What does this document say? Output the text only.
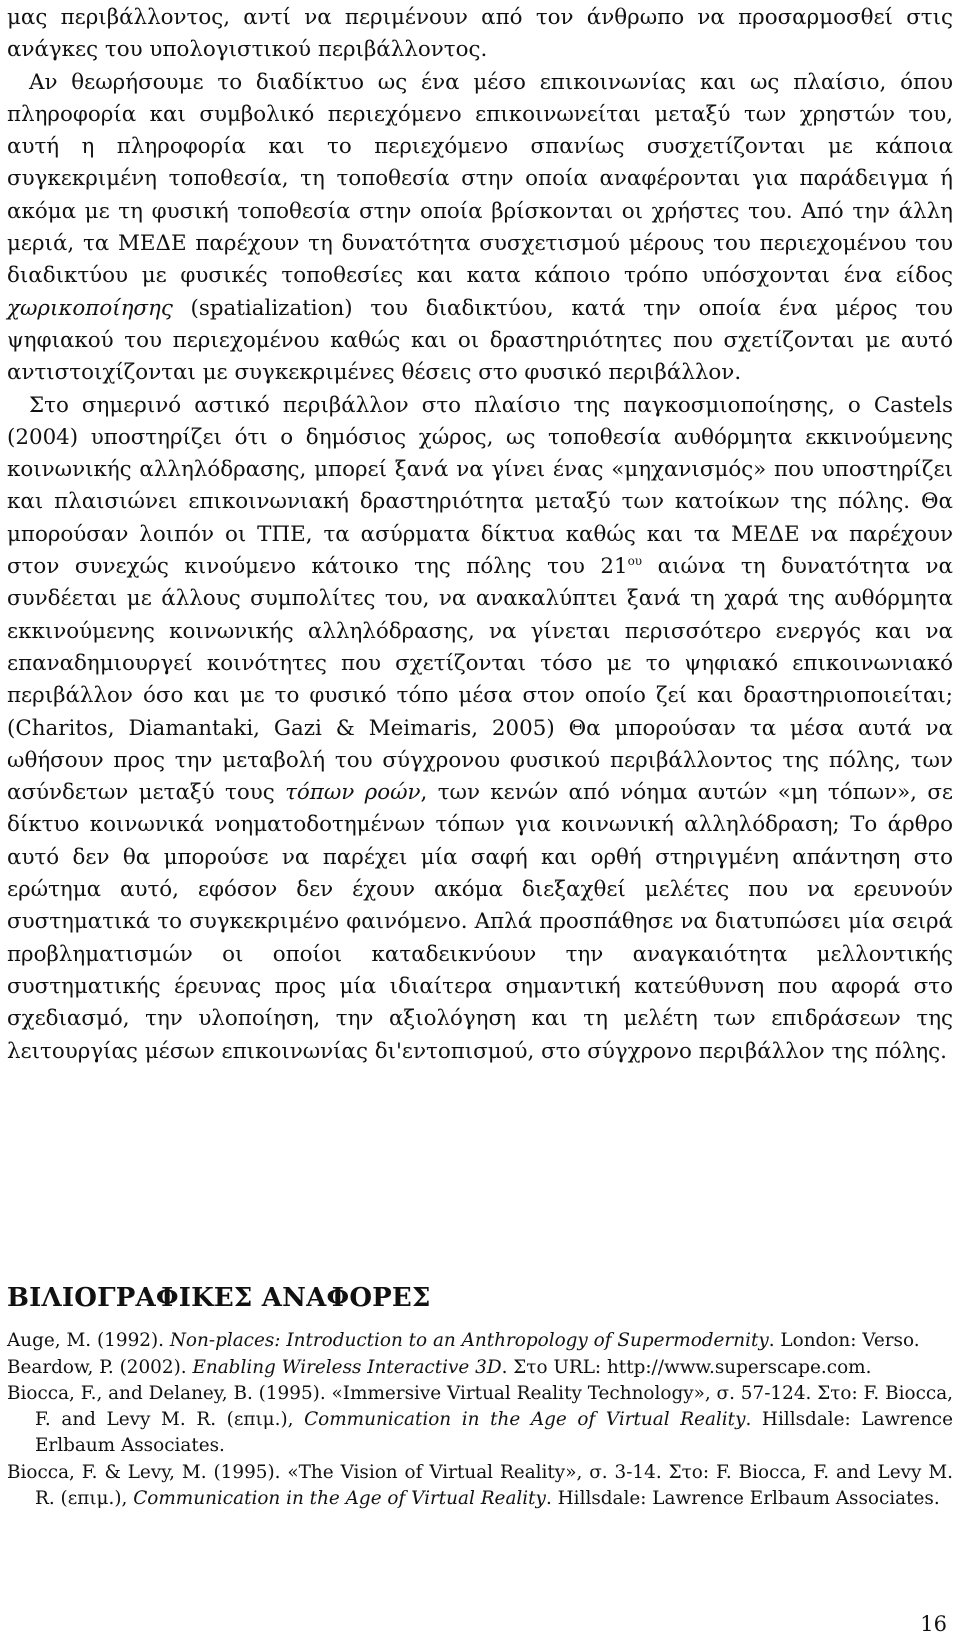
μας περιβάλλοντος, αντί να περιμένουν από τον άνθρωπο να προσαρμοσθεί στις ανάγκες του υπολογιστικού περιβάλλοντος.

Αν θεωρήσουμε το διαδίκτυο ως ένα μέσο επικοινωνίας και ως πλαίσιο, όπου πληροφορία και συμβολικό περιεχόμενο επικοινωνείται μεταξύ των χρηστών του, αυτή η πληροφορία και το περιεχόμενο σπανίως συσχετίζονται με κάποια συγκεκριμένη τοποθεσία, τη τοποθεσία στην οποία αναφέρονται για παράδειγμα ή ακόμα με τη φυσική τοποθεσία στην οποία βρίσκονται οι χρήστες του. Από την άλλη μεριά, τα ΜΕΔΕ παρέχουν τη δυνατότητα συσχετισμού μέρους του περιεχομένου του διαδικτύου με φυσικές τοποθεσίες και κατα κάποιο τρόπο υπόσχονται ένα είδος χωρικοποίησης (spatialization) του διαδικτύου, κατά την οποία ένα μέρος του ψηφιακού του περιεχομένου καθώς και οι δραστηριότητες που σχετίζονται με αυτό αντιστοιχίζονται με συγκεκριμένες θέσεις στο φυσικό περιβάλλον.

Στο σημερινό αστικό περιβάλλον στο πλαίσιο της παγκοσμιοποίησης, ο Castels (2004) υποστηρίζει ότι ο δημόσιος χώρος, ως τοποθεσία αυθόρμητα εκκινούμενης κοινωνικής αλληλόδρασης, μπορεί ξανά να γίνει ένας «μηχανισμός» που υποστηρίζει και πλαισιώνει επικοινωνιακή δραστηριότητα μεταξύ των κατοίκων της πόλης. Θα μπορούσαν λοιπόν οι ΤΠΕ, τα ασύρματα δίκτυα καθώς και τα ΜΕΔΕ να παρέχουν στον συνεχώς κινούμενο κάτοικο της πόλης του $21^{o\upsilon}$ αιώνα τη δυνατότητα να συνδέεται με άλλους συμπολίτες του, να ανακαλύπτει ξανά τη χαρά της αυθόρμητα εκκινούμενης κοινωνικής αλληλόδρασης, να γίνεται περισσότερο ενεργός και να επαναδημιουργεί κοινότητες που σχετίζονται τόσο με το ψηφιακό επικοινωνιακό περιβάλλον όσο και με το φυσικό τόπο μέσα στον οποίο ζεί και δραστηριοποιείται; (Charitos, Diamantaki, Gazi & Meimaris, 2005) Θα μπορούσαν τα μέσα αυτά να ωθήσουν προς την μεταβολή του σύγχρονου φυσικού περιβάλλοντος της πόλης, των ασύνδετων μεταξύ τους τόπων ροών, των κενών από νόημα αυτών «μη τόπων», σε δίκτυο κοινωνικά νοηματοδοτημένων τόπων για κοινωνική αλληλόδραση; Το άρθρο αυτό δεν θα μπορούσε να παρέχει μία σαφή και ορθή στηριγμένη απάντηση στο ερώτημα αυτό, εφόσον δεν έχουν ακόμα διεξαχθεί μελέτες που να ερευνούν συστηματικά το συγκεκριμένο φαινόμενο. Απλά προσπάθησε να διατυπώσει μία σειρά προβληματισμών οι οποίοι καταδεικνύουν την αναγκαιότητα μελλοντικής συστηματικής έρευνας προς μία ιδιαίτερα σημαντική κατεύθυνση που αφορά στο σχεδιασμό, την υλοποίηση, την αξιολόγηση και τη μελέτη των επιδράσεων της λειτουργίας μέσων επικοινωνίας δι'εντοπισμού, στο σύγχρονο περιβάλλον της πόλης.

ΒΙΛΙΟΓΡΑΦΙΚΕΣ ΑΝΑΦΟΡΕΣ
Auge, M. (1992). Non-places: Introduction to an Anthropology of Supermodernity. London: Verso.
Beardow, P. (2002). Enabling Wireless Interactive 3D. Στο URL: http://www.superscape.com.
Biocca, F., and Delaney, B. (1995). «Immersive Virtual Reality Technology», σ. 57-124. Στο: F. Biocca, F. and Levy M. R. (επιμ.), Communication in the Age of Virtual Reality. Hillsdale: Lawrence Erlbaum Associates.
Biocca, F. & Levy, M. (1995). «The Vision of Virtual Reality», σ. 3-14. Στο: F. Biocca, F. and Levy M. R. (επιμ.), Communication in the Age of Virtual Reality. Hillsdale: Lawrence Erlbaum Associates.
16
